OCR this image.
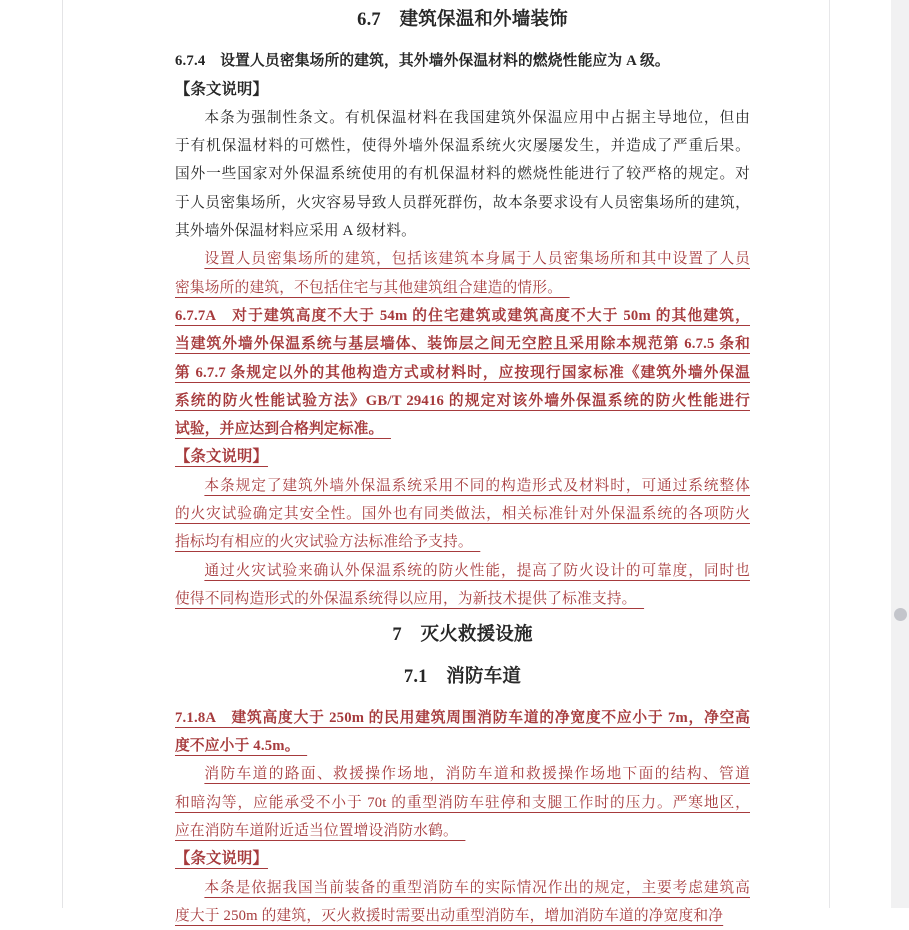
6.7　建筑保温和外墙装饰
6.7.4　设置人员密集场所的建筑，其外墙外保温材料的燃烧性能应为 A 级。
【条文说明】
本条为强制性条文。有机保温材料在我国建筑外保温应用中占据主导地位，但由
于有机保温材料的可燃性，使得外墙外保温系统火灾屡屡发生，并造成了严重后果。
国外一些国家对外保温系统使用的有机保温材料的燃烧性能进行了较严格的规定。对
于人员密集场所，火灾容易导致人员群死群伤，故本条要求设有人员密集场所的建筑，
其外墙外保温材料应采用 A 级材料。
设置人员密集场所的建筑，包括该建筑本身属于人员密集场所和其中设置了人员
密集场所的建筑，不包括住宅与其他建筑组合建造的情形。　
6.7.7A　对于建筑高度不大于 54m 的住宅建筑或建筑高度不大于 50m 的其他建筑，
当建筑外墙外保温系统与基层墙体、装饰层之间无空腔且采用除本规范第 6.7.5 条和
第 6.7.7 条规定以外的其他构造方式或材料时，应按现行国家标准《建筑外墙外保温
系统的防火性能试验方法》GB/T 29416 的规定对该外墙外保温系统的防火性能进行
试验，并应达到合格判定标准。　
【条文说明】
本条规定了建筑外墙外保温系统采用不同的构造形式及材料时，可通过系统整体
的火灾试验确定其安全性。国外也有同类做法，相关标准针对外保温系统的各项防火
指标均有相应的火灾试验方法标准给予支持。　
通过火灾试验来确认外保温系统的防火性能，提高了防火设计的可靠度，同时也
使得不同构造形式的外保温系统得以应用，为新技术提供了标准支持。　
7　灭火救援设施
7.1　消防车道
7.1.8A　建筑高度大于 250m 的民用建筑周围消防车道的净宽度不应小于 7m，净空高
度不应小于 4.5m。　
消防车道的路面、救援操作场地，消防车道和救援操作场地下面的结构、管道
和暗沟等，应能承受不小于 70t 的重型消防车驻停和支腿工作时的压力。严寒地区，
应在消防车道附近适当位置增设消防水鹤。　
【条文说明】
本条是依据我国当前装备的重型消防车的实际情况作出的规定，主要考虑建筑高
度大于 250m 的建筑，灭火救援时需要出动重型消防车，增加消防车道的净宽度和净
